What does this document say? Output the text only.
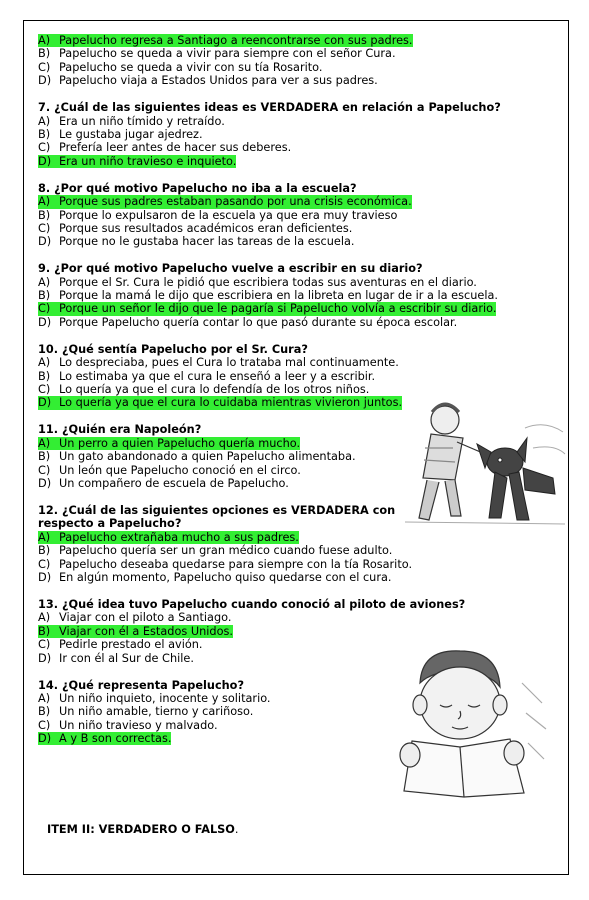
A) Papelucho regresa a Santiago a reencontrarse con sus padres.
B) Papelucho se queda a vivir para siempre con el señor Cura.
C) Papelucho se queda a vivir con su tía Rosarito.
D) Papelucho viaja a Estados Unidos para ver a sus padres.
7. ¿Cuál de las siguientes ideas es VERDADERA en relación a Papelucho?
A) Era un niño tímido y retraído.
B) Le gustaba jugar ajedrez.
C) Prefería leer antes de hacer sus deberes.
D) Era un niño travieso e inquieto.
8. ¿Por qué motivo Papelucho no iba a la escuela?
A) Porque sus padres estaban pasando por una crisis económica.
B) Porque lo expulsaron de la escuela ya que era muy travieso
C) Porque sus resultados académicos eran deficientes.
D) Porque no le gustaba hacer las tareas de la escuela.
9. ¿Por qué motivo Papelucho vuelve a escribir en su diario?
A) Porque el Sr. Cura le pidió que escribiera todas sus aventuras en el diario.
B) Porque la mamá le dijo que escribiera en la libreta en lugar de ir a la escuela.
C) Porque un señor le dijo que le pagaría si Papelucho volvía a escribir su diario.
D) Porque Papelucho quería contar lo que pasó durante su época escolar.
10. ¿Qué sentía Papelucho por el Sr. Cura?
A) Lo despreciaba, pues el Cura lo trataba mal continuamente.
B) Lo estimaba ya que el cura le enseñó a leer y a escribir.
C) Lo quería ya que el cura lo defendía de los otros niños.
D) Lo quería ya que el cura lo cuidaba mientras vivieron juntos.
11. ¿Quién era Napoleón?
A) Un perro a quien Papelucho quería mucho.
B) Un gato abandonado a quien Papelucho alimentaba.
C) Un león que Papelucho conoció en el circo.
D) Un compañero de escuela de Papelucho.
12. ¿Cuál de las siguientes opciones es VERDADERA con
respecto a Papelucho?
A) Papelucho extrañaba mucho a sus padres.
B) Papelucho quería ser un gran médico cuando fuese adulto.
C) Papelucho deseaba quedarse para siempre con la tía Rosarito.
D) En algún momento, Papelucho quiso quedarse con el cura.
13. ¿Qué idea tuvo Papelucho cuando conoció al piloto de aviones?
A) Viajar con el piloto a Santiago.
B) Viajar con él a Estados Unidos.
C) Pedirle prestado el avión.
D) Ir con él al Sur de Chile.
14. ¿Qué representa Papelucho?
A) Un niño inquieto, inocente y solitario.
B) Un niño amable, tierno y cariñoso.
C) Un niño travieso y malvado.
D) A y B son correctas.
ITEM II: VERDADERO O FALSO.
